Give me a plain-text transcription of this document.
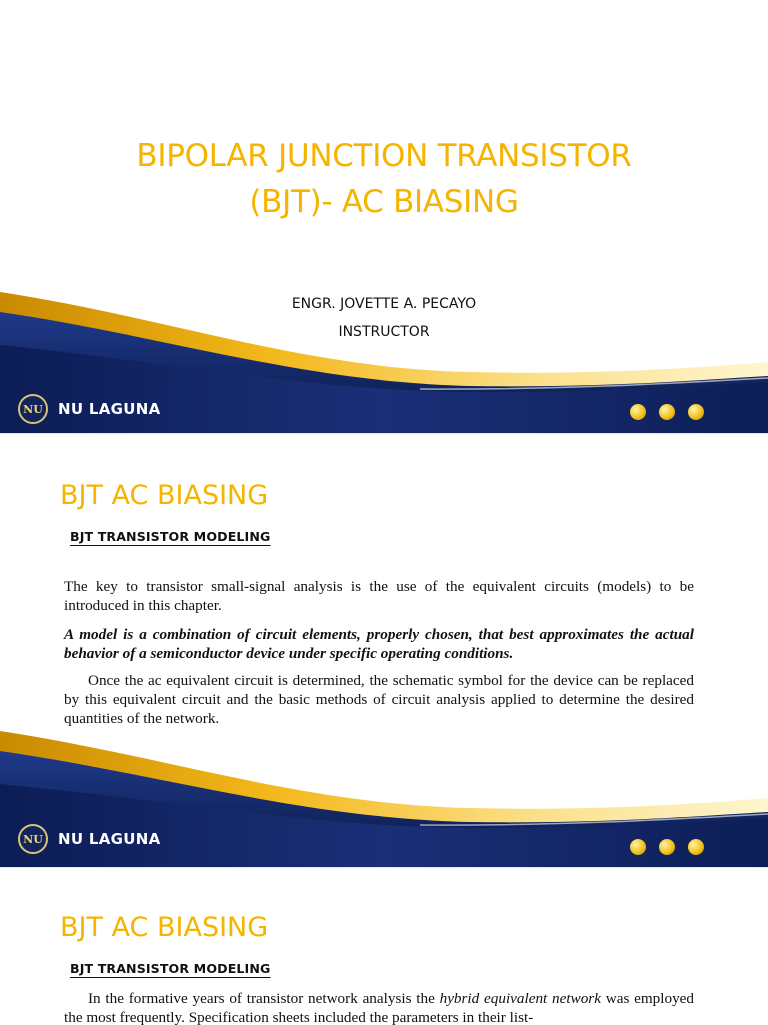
BIPOLAR JUNCTION TRANSISTOR
(BJT)- AC BIASING
ENGR. JOVETTE A. PECAYO
INSTRUCTOR
NU	NU LAGUNA
BJT AC BIASING
BJT TRANSISTOR MODELING

The key to transistor small-signal analysis is the use of the equivalent circuits (models) to be introduced in this chapter.

A model is a combination of circuit elements, properly chosen, that best approximates the actual behavior of a semiconductor device under specific operating conditions.

Once the ac equivalent circuit is determined, the schematic symbol for the device can be replaced by this equivalent circuit and the basic methods of circuit analysis applied to determine the desired quantities of the network.

NU	NU LAGUNA
BJT AC BIASING
BJT TRANSISTOR MODELING

In the formative years of transistor network analysis the hybrid equivalent network was employed the most frequently. Specification sheets included the parameters in their list-
